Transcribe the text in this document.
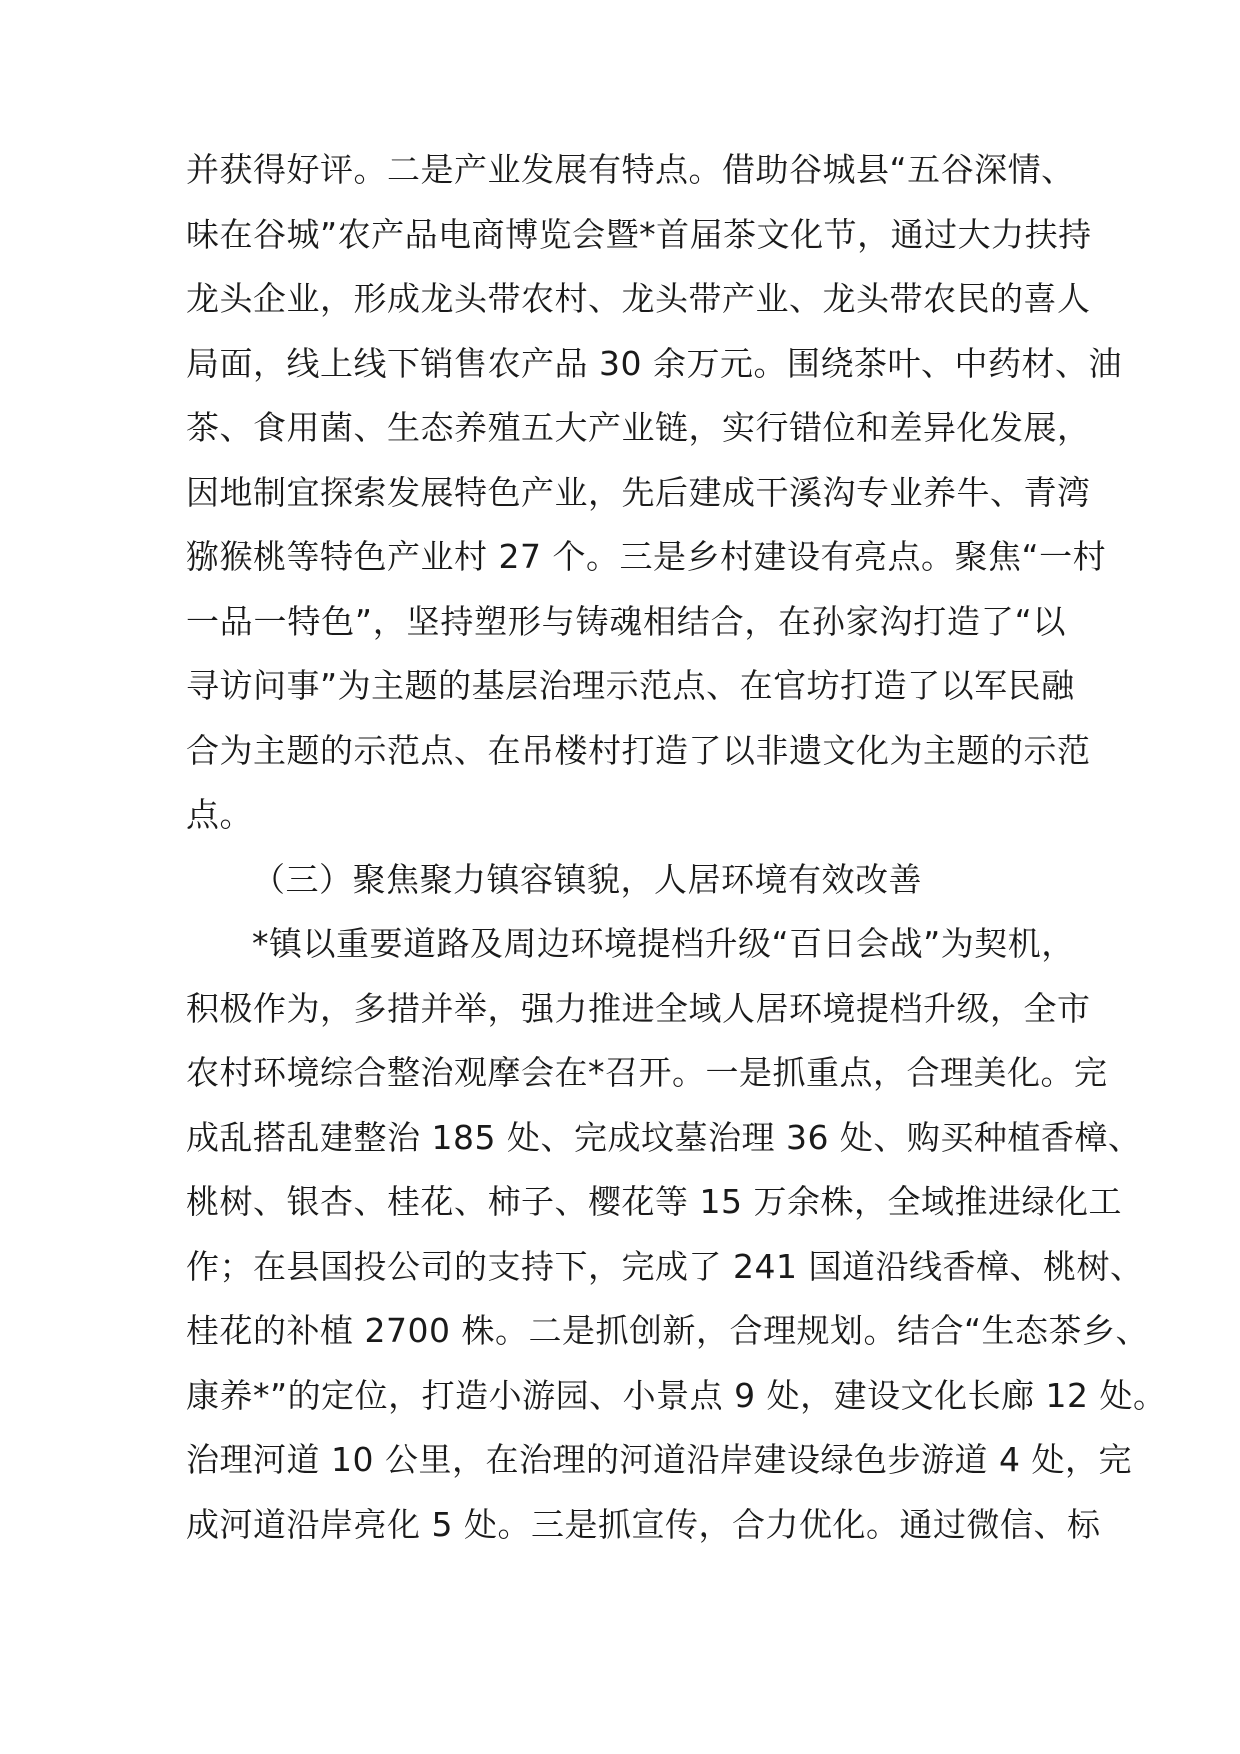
并获得好评。二是产业发展有特点。借助谷城县“五谷深情、
味在谷城”农产品电商博览会暨*首届茶文化节，通过大力扶持
龙头企业，形成龙头带农村、龙头带产业、龙头带农民的喜人
局面，线上线下销售农产品 30 余万元。围绕茶叶、中药材、油
茶、食用菌、生态养殖五大产业链，实行错位和差异化发展，
因地制宜探索发展特色产业，先后建成干溪沟专业养牛、青湾
猕猴桃等特色产业村 27 个。三是乡村建设有亮点。聚焦“一村
一品一特色”，坚持塑形与铸魂相结合，在孙家沟打造了“以
寻访问事”为主题的基层治理示范点、在官坊打造了以军民融
合为主题的示范点、在吊楼村打造了以非遗文化为主题的示范
点。
（三）聚焦聚力镇容镇貌，人居环境有效改善
*镇以重要道路及周边环境提档升级“百日会战”为契机，
积极作为，多措并举，强力推进全域人居环境提档升级，全市
农村环境综合整治观摩会在*召开。一是抓重点，合理美化。完
成乱搭乱建整治 185 处、完成坟墓治理 36 处、购买种植香樟、
桃树、银杏、桂花、柿子、樱花等 15 万余株，全域推进绿化工
作；在县国投公司的支持下，完成了 241 国道沿线香樟、桃树、
桂花的补植 2700 株。二是抓创新，合理规划。结合“生态茶乡、
康养*”的定位，打造小游园、小景点 9 处，建设文化长廊 12 处。
治理河道 10 公里，在治理的河道沿岸建设绿色步游道 4 处，完
成河道沿岸亮化 5 处。三是抓宣传，合力优化。通过微信、标
